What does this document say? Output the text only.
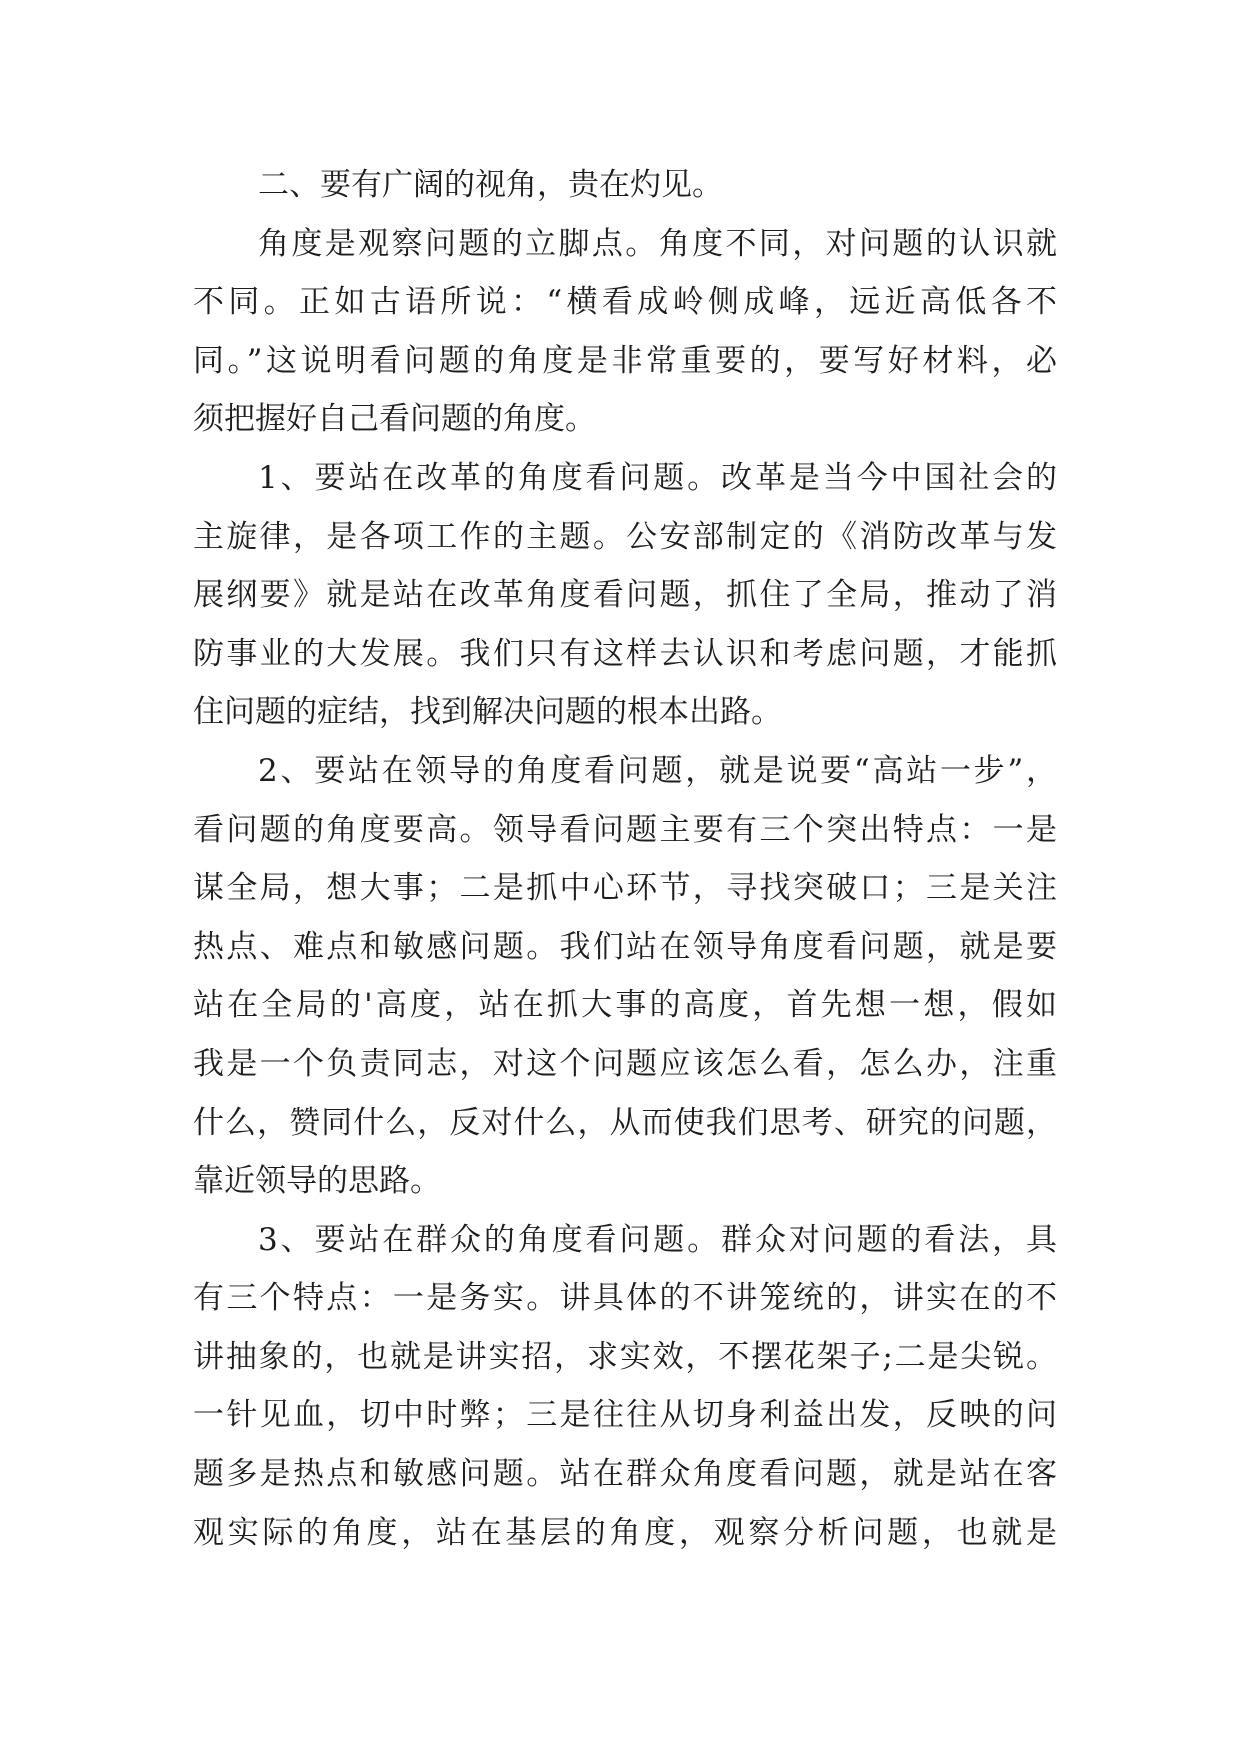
二、要有广阔的视角，贵在灼见。

角度是观察问题的立脚点。角度不同，对问题的认识就
不同。正如古语所说：“横看成岭侧成峰，远近高低各不
同。”这说明看问题的角度是非常重要的，要写好材料，必
须把握好自己看问题的角度。

1、要站在改革的角度看问题。改革是当今中国社会的
主旋律，是各项工作的主题。公安部制定的《消防改革与发
展纲要》就是站在改革角度看问题，抓住了全局，推动了消
防事业的大发展。我们只有这样去认识和考虑问题，才能抓
住问题的症结，找到解决问题的根本出路。

2、要站在领导的角度看问题，就是说要“高站一步”，
看问题的角度要高。领导看问题主要有三个突出特点：一是
谋全局，想大事；二是抓中心环节，寻找突破口；三是关注
热点、难点和敏感问题。我们站在领导角度看问题，就是要
站在全局的'高度，站在抓大事的高度，首先想一想，假如
我是一个负责同志，对这个问题应该怎么看，怎么办，注重
什么，赞同什么，反对什么，从而使我们思考、研究的问题，
靠近领导的思路。

3、要站在群众的角度看问题。群众对问题的看法，具
有三个特点：一是务实。讲具体的不讲笼统的，讲实在的不
讲抽象的，也就是讲实招，求实效，不摆花架子;二是尖锐。
一针见血，切中时弊；三是往往从切身利益出发，反映的问
题多是热点和敏感问题。站在群众角度看问题，就是站在客
观实际的角度，站在基层的角度，观察分析问题，也就是
